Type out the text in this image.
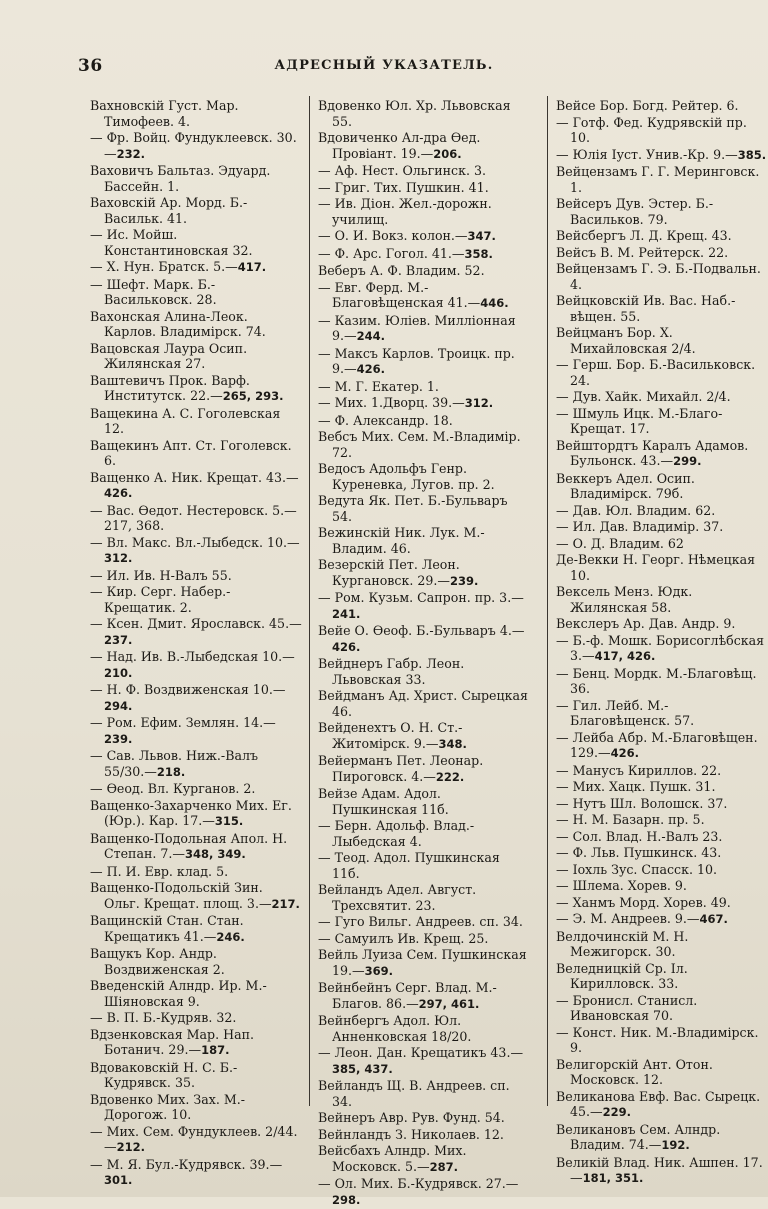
36	АДРЕСНЫЙ УКАЗАТЕЛЬ.
Вахновскій Густ. Мар. Тимофеев. 4.
— Фр. Войц. Фундуклеевск. 30.—232.
Ваховичъ Бальтаз. Эдуард. Бассейн. 1.
Ваховскій Ар. Морд. Б.-Васильк. 41.
— Ис. Мойш. Константиновская 32.
— Х. Нун. Братск. 5.—417.
— Шефт. Марк. Б.-Васильковск. 28.
Вахонская Алина-Леок. Карлов. Владимірск. 74.
Вацовская Лаура Осип. Жилянская 27.
Ваштевичъ Прок. Варф. Институтск. 22.—265, 293.
Ващекина А. С. Гоголевская 12.
Ващекинъ Апт. Ст. Гоголевск. 6.
Ващенко А. Ник. Крещат. 43.—426.
— Вас. Өедот. Нестеровск. 5.—217, 368.
— Вл. Макс. Вл.-Лыбедск. 10.—312.
— Ил. Ив. Н-Валъ 55.
— Кир. Серг. Набер.-Крещатик. 2.
— Ксен. Дмит. Ярославск. 45.—237.
— Над. Ив. В.-Лыбедская 10.—210.
— Н. Ф. Воздвиженская 10.—294.
— Ром. Ефим. Землян. 14.—239.
— Сав. Львов. Ниж.-Валъ 55/30.—218.
— Өеод. Вл. Курганов. 2.
Ващенко-Захарченко Мих. Ег. (Юр.). Кар. 17.—315.
Ващенко-Подольная Апол. Н. Степан. 7.—348, 349.
— П. И. Евр. клад. 5.
Ващенко-Подольскій Зин. Ольг. Крещат. площ. 3.—217.
Ващинскій Стан. Стан. Крещатикъ 41.—246.
Ващукъ Кор. Андр. Воздвиженская 2.
Введенскій Алндр. Ир. М.-Шіяновская 9.
— В. П. Б.-Кудряв. 32.
Вдзенковская Мар. Нап. Ботанич. 29.—187.
Вдоваковскій Н. С. Б.-Кудрявск. 35.
Вдовенко Мих. Зах. М.-Дорогож. 10.
— Мих. Сем. Фундуклеев. 2/44.—212.
— М. Я. Бул.-Кудрявск. 39.—301.
Вдовенко Юл. Хр. Львовская 55.
Вдовиченко Ал-дра Өед. Провіант. 19.—206.
— Аф. Нест. Ольгинск. 3.
— Григ. Тих. Пушкин. 41.
— Ив. Діон. Жел.-дорожн. училищ.
— О. И. Вокз. колон.—347.
— Ф. Арс. Гогол. 41.—358.
Веберъ А. Ф. Владим. 52.
— Евг. Ферд. М.-Благовѣщенская 41.—446.
— Казим. Юліев. Милліонная 9.—244.
— Максъ Карлов. Троицк. пр. 9.—426.
— М. Г. Екатер. 1.
— Мих. 1.Дворц. 39.—312.
— Ф. Александр. 18.
Вебсъ Мих. Сем. М.-Владимір. 72.
Ведосъ Адольфъ Генр. Куреневка, Лугов. пр. 2.
Ведута Як. Пет. Б.-Бульваръ 54.
Вежинскій Ник. Лук. М.-Владим. 46.
Везерскій Пет. Леон. Кургановск. 29.—239.
— Ром. Кузьм. Сапрон. пр. 3.—241.
Вейе О. Өеоф. Б.-Бульваръ 4.—426.
Вейднеръ Габр. Леон. Львовская 33.
Вейдманъ Ад. Христ. Сырецкая 46.
Вейденехтъ О. Н. Ст.-Житомірск. 9.—348.
Вейерманъ Пет. Леонар. Пироговск. 4.—222.
Вейзе Адам. Адол. Пушкинская 11б.
— Берн. Адольф. Влад.-Лыбедская 4.
— Теод. Адол. Пушкинская 11б.
Вейландъ Адел. Август. Трехсвятит. 23.
— Гуго Вильг. Андреев. сп. 34.
— Самуилъ Ив. Крещ. 25.
Вейль Луиза Сем. Пушкинская 19.—369.
Вейнбейнъ Серг. Влад. М.-Благов. 86.—297, 461.
Вейнбергъ Адол. Юл. Анненковская 18/20.
— Леон. Дан. Крещатикъ 43.—385, 437.
Вейландъ Щ. В. Андреев. сп. 34.
Вейнеръ Авр. Рув. Фунд. 54.
Вейнландъ З. Николаев. 12.
Вейсбахъ Алндр. Мих. Московск. 5.—287.
— Ол. Мих. Б.-Кудрявск. 27.—298.
Вейсе Бор. Богд. Рейтер. 6.
— Готф. Фед. Кудрявскій пр. 10.
— Юлія Іуст. Унив.-Кр. 9.—385.
Вейцензамъ Г. Г. Меринговск. 1.
Вейсеръ Дув. Эстер. Б.-Васильков. 79.
Вейсбергъ Л. Д. Крещ. 43.
Вейсъ В. М. Рейтерск. 22.
Вейцензамъ Г. Э. Б.-Подвальн. 4.
Вейцковскій Ив. Вас. Наб.-вѣщен. 55.
Вейцманъ Бор. Х. Михайловская 2/4.
— Герш. Бор. Б.-Васильковск. 24.
— Дув. Хайк. Михайл. 2/4.
— Шмуль Ицк. М.-Благо-Крещат. 17.
Вейштордтъ Каралъ Адамов. Бульонск. 43.—299.
Веккеръ Адел. Осип. Владимірск. 79б.
— Дав. Юл. Владим. 62.
— Ил. Дав. Владимір. 37.
— О. Д. Владим. 62
Де-Векки Н. Георг. Нѣмецкая 10.
Вексель Менз. Юдк. Жилянская 58.
Векслеръ Ар. Дав. Андр. 9.
— Б.-ф. Мошк. Борисоглѣбская 3.—417, 426.
— Бенц. Мордк. М.-Благовѣщ. 36.
— Гил. Лейб. М.-Благовѣщенск. 57.
— Лейба Абр. М.-Благовѣщен. 129.—426.
— Манусъ Кириллов. 22.
— Мих. Хацк. Пушк. 31.
— Нутъ Шл. Волошск. 37.
— Н. М. Базарн. пр. 5.
— Сол. Влад. Н.-Валъ 23.
— Ф. Льв. Пушкинск. 43.
— Іохль Зус. Спасск. 10.
— Шлема. Хорев. 9.
— Ханмъ Морд. Хорев. 49.
— Э. М. Андреев. 9.—467.
Велдочинскій М. Н. Межигорск. 30.
Веледницкій Ср. Іл. Кирилловск. 33.
— Бронисл. Станисл. Ивановская 70.
— Конст. Ник. М.-Владимірск. 9.
Велигорскій Ант. Отон. Московск. 12.
Великанова Евф. Вас. Сырецк. 45.—229.
Великановъ Сем. Алндр. Владим. 74.—192.
Великій Влад. Ник. Ашпен. 17.—181, 351.
